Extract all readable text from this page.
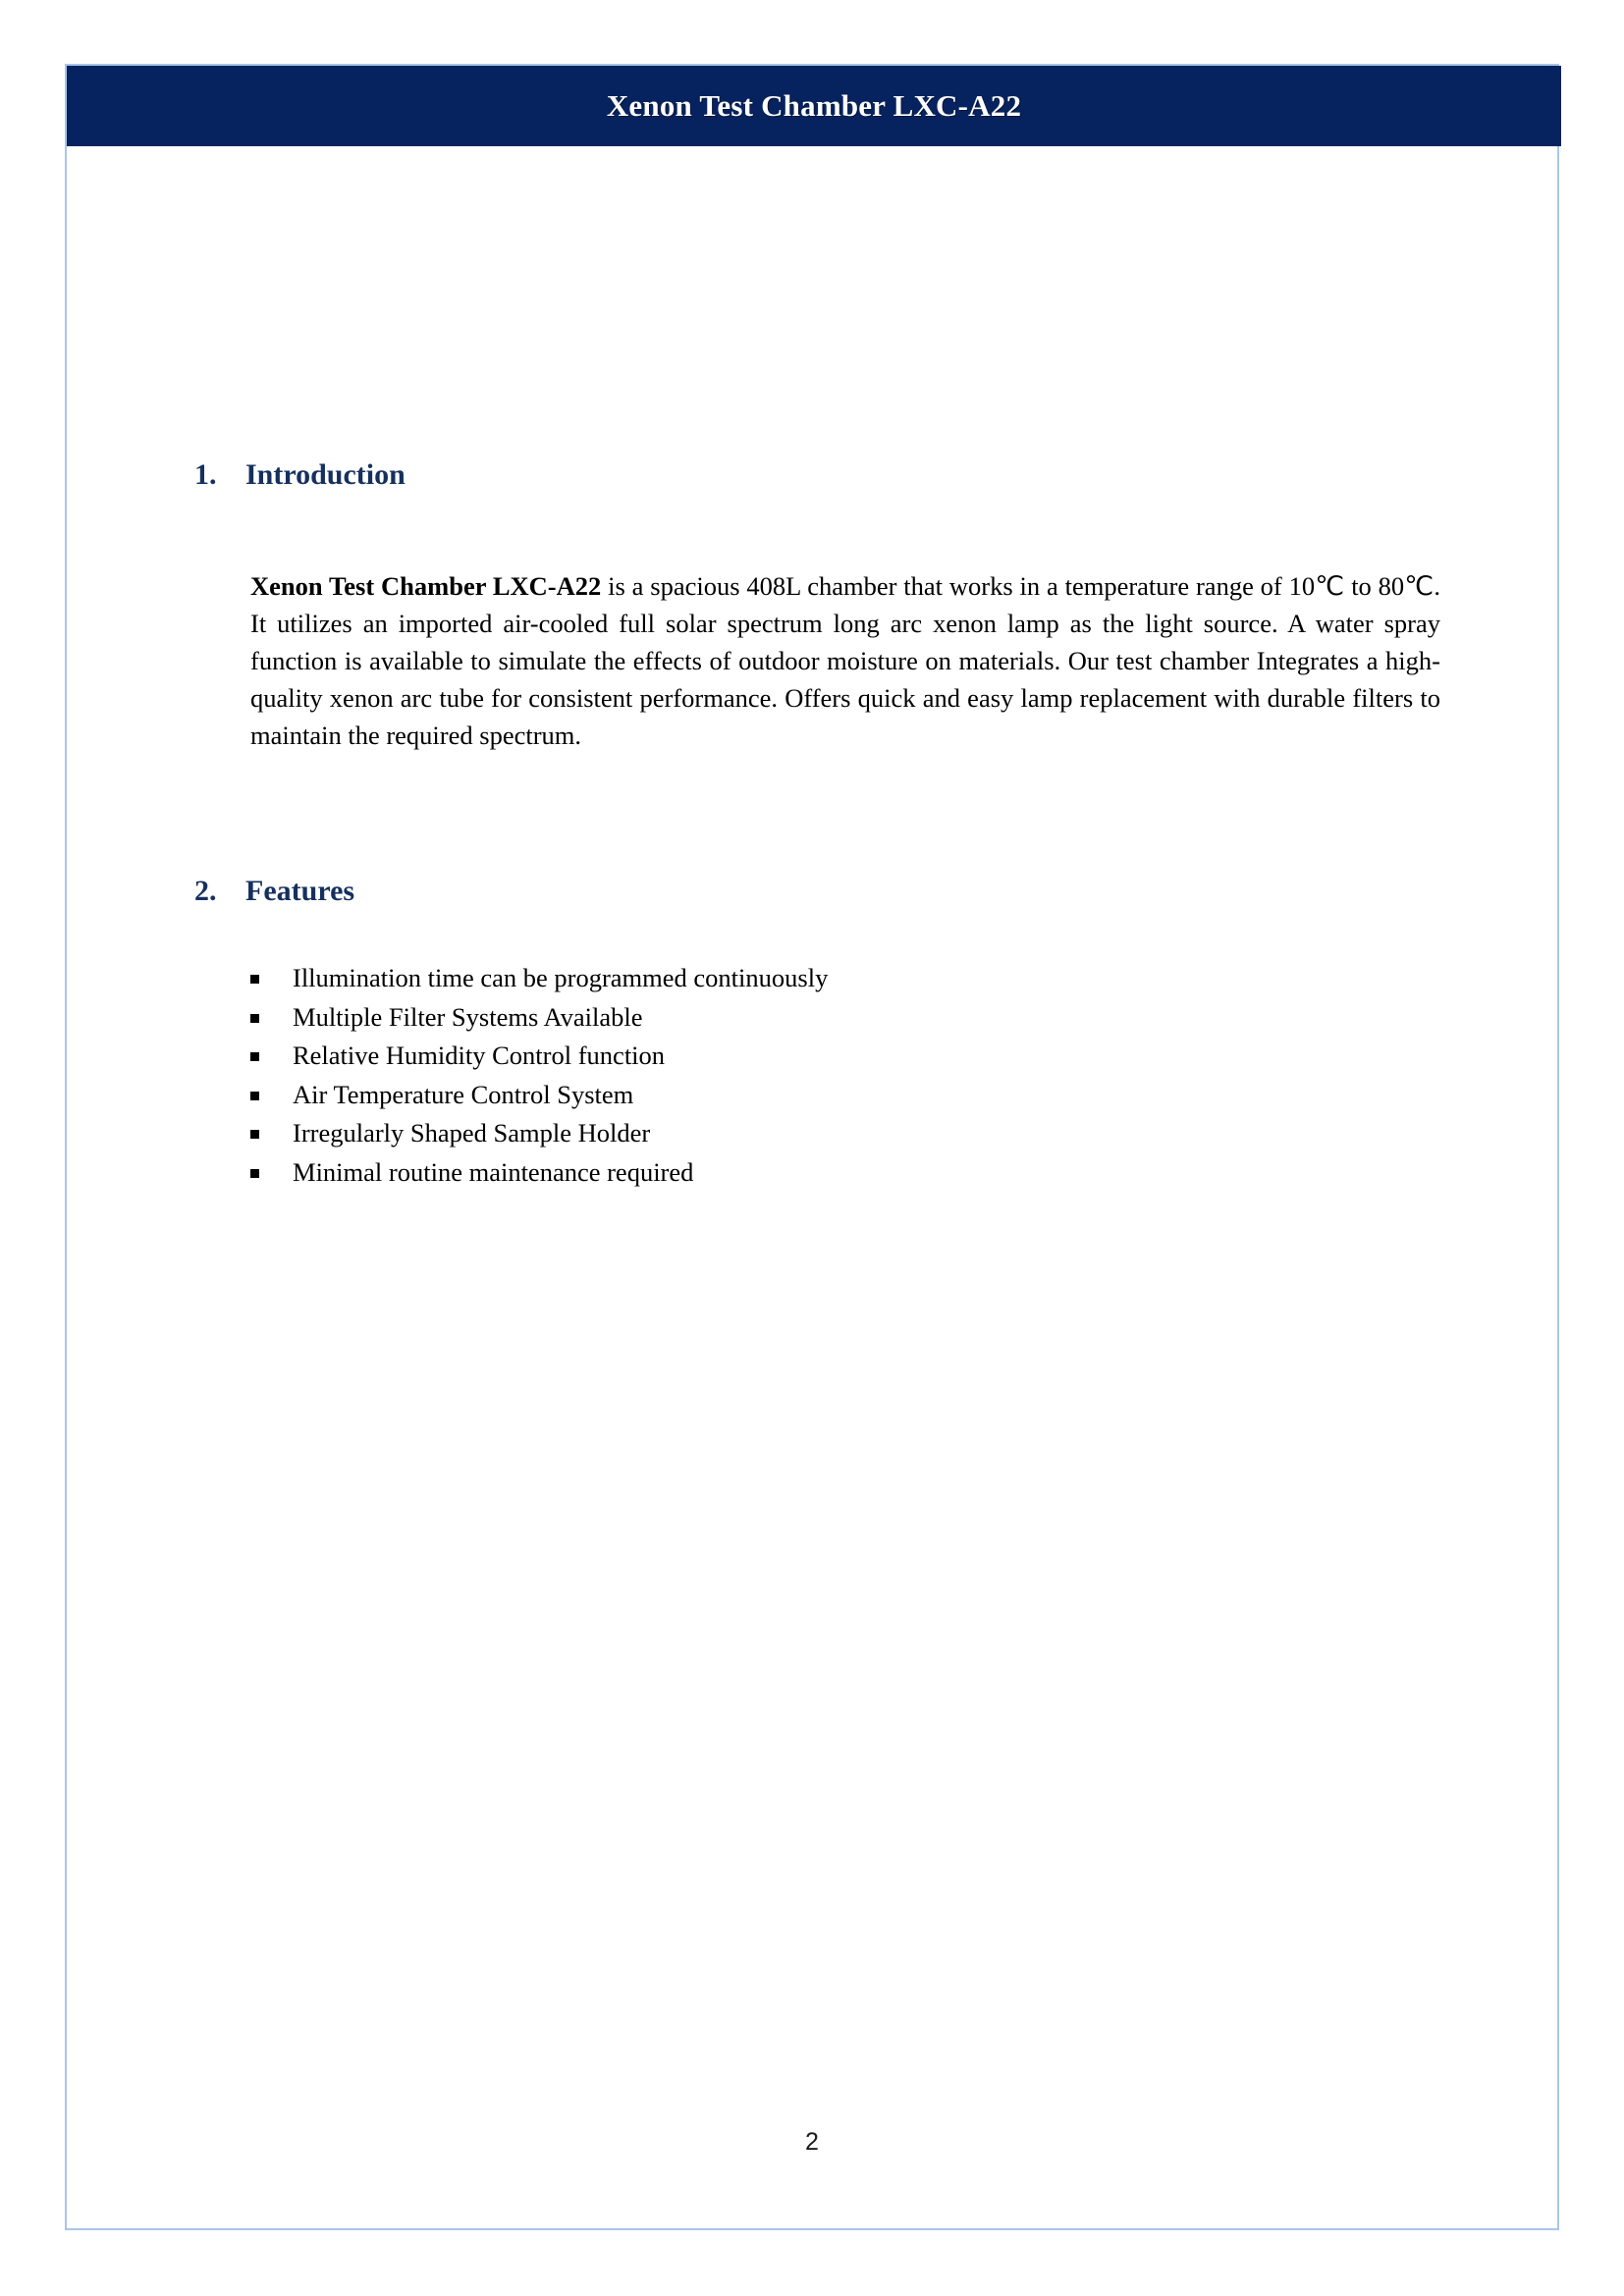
Xenon Test Chamber LXC-A22
1. Introduction

Xenon Test Chamber LXC-A22 is a spacious 408L chamber that works in a temperature range of 10℃ to 80℃. It utilizes an imported air-cooled full solar spectrum long arc xenon lamp as the light source. A water spray function is available to simulate the effects of outdoor moisture on materials. Our test chamber Integrates a high-quality xenon arc tube for consistent performance. Offers quick and easy lamp replacement with durable filters to maintain the required spectrum.

2. Features
Illumination time can be programmed continuously
Multiple Filter Systems Available
Relative Humidity Control function
Air Temperature Control System
Irregularly Shaped Sample Holder
Minimal routine maintenance required
2
